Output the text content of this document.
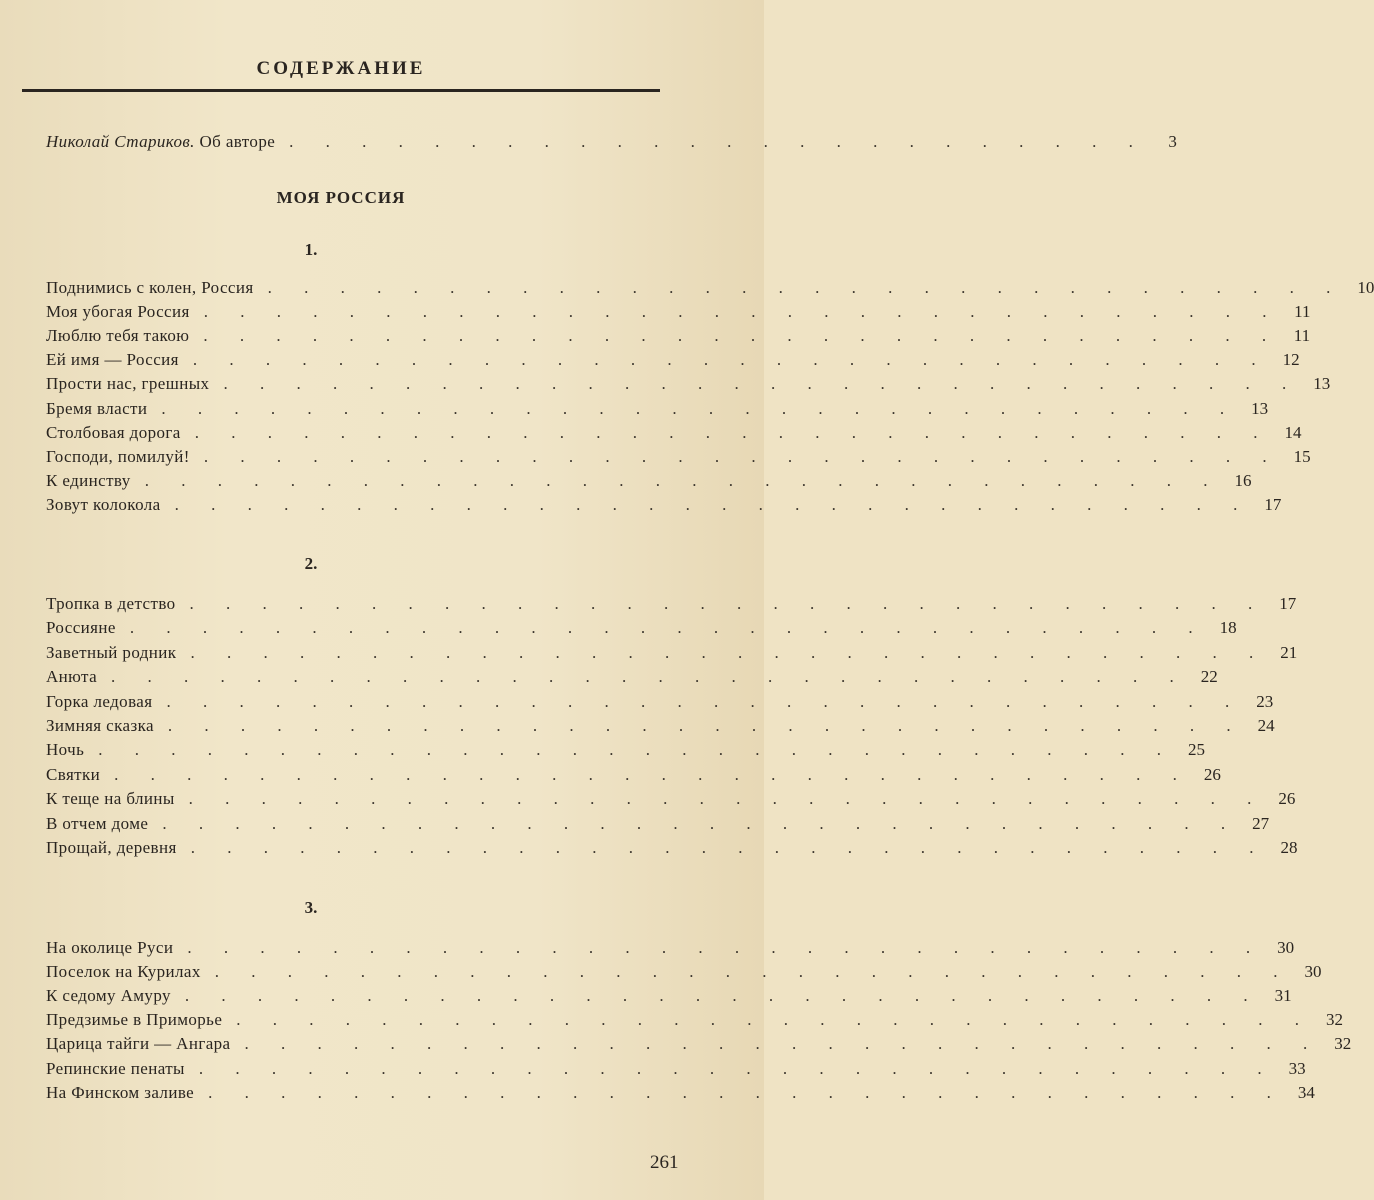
СОДЕРЖАНИЕ
Николай Стариков. Об авторе . . . . . . . . . . . . . . . . . . . . . . . .	3
МОЯ РОССИЯ
1.
Поднимись с колен, Россия . . . . . . . . . . . . . . . . . . . . . . . . . . . . . . 10
Моя убогая Россия . . . . . . . . . . . . . . . . . . . . . . . . . . . . . . 11
Люблю тебя такою . . . . . . . . . . . . . . . . . . . . . . . . . . . . . . 11
Ей имя — Россия . . . . . . . . . . . . . . . . . . . . . . . . . . . . . . 12
Прости нас, грешных . . . . . . . . . . . . . . . . . . . . . . . . . . . . . . 13
Бремя власти . . . . . . . . . . . . . . . . . . . . . . . . . . . . . . 13
Столбовая дорога . . . . . . . . . . . . . . . . . . . . . . . . . . . . . . 14
Господи, помилуй! . . . . . . . . . . . . . . . . . . . . . . . . . . . . . . 15
К единству . . . . . . . . . . . . . . . . . . . . . . . . . . . . . . 16
Зовут колокола . . . . . . . . . . . . . . . . . . . . . . . . . . . . . . 17
2.
Тропка в детство . . . . . . . . . . . . . . . . . . . . . . . . . . . . . . 17
Россияне . . . . . . . . . . . . . . . . . . . . . . . . . . . . . . 18
Заветный родник . . . . . . . . . . . . . . . . . . . . . . . . . . . . . . 21
Анюта . . . . . . . . . . . . . . . . . . . . . . . . . . . . . . 22
Горка ледовая . . . . . . . . . . . . . . . . . . . . . . . . . . . . . . 23
Зимняя сказка . . . . . . . . . . . . . . . . . . . . . . . . . . . . . . 24
Ночь . . . . . . . . . . . . . . . . . . . . . . . . . . . . . . 25
Святки . . . . . . . . . . . . . . . . . . . . . . . . . . . . . . 26
К теще на блины . . . . . . . . . . . . . . . . . . . . . . . . . . . . . . 26
В отчем доме . . . . . . . . . . . . . . . . . . . . . . . . . . . . . . 27
Прощай, деревня . . . . . . . . . . . . . . . . . . . . . . . . . . . . . . 28
3.
На околице Руси . . . . . . . . . . . . . . . . . . . . . . . . . . . . . . 30
Поселок на Курилах . . . . . . . . . . . . . . . . . . . . . . . . . . . . . . 30
К седому Амуру . . . . . . . . . . . . . . . . . . . . . . . . . . . . . . 31
Предзимье в Приморье . . . . . . . . . . . . . . . . . . . . . . . . . . . . . . 32
Царица тайги — Ангара . . . . . . . . . . . . . . . . . . . . . . . . . . . . . . 32
Репинские пенаты . . . . . . . . . . . . . . . . . . . . . . . . . . . . . . 33
На Финском заливе . . . . . . . . . . . . . . . . . . . . . . . . . . . . . . 34
261
